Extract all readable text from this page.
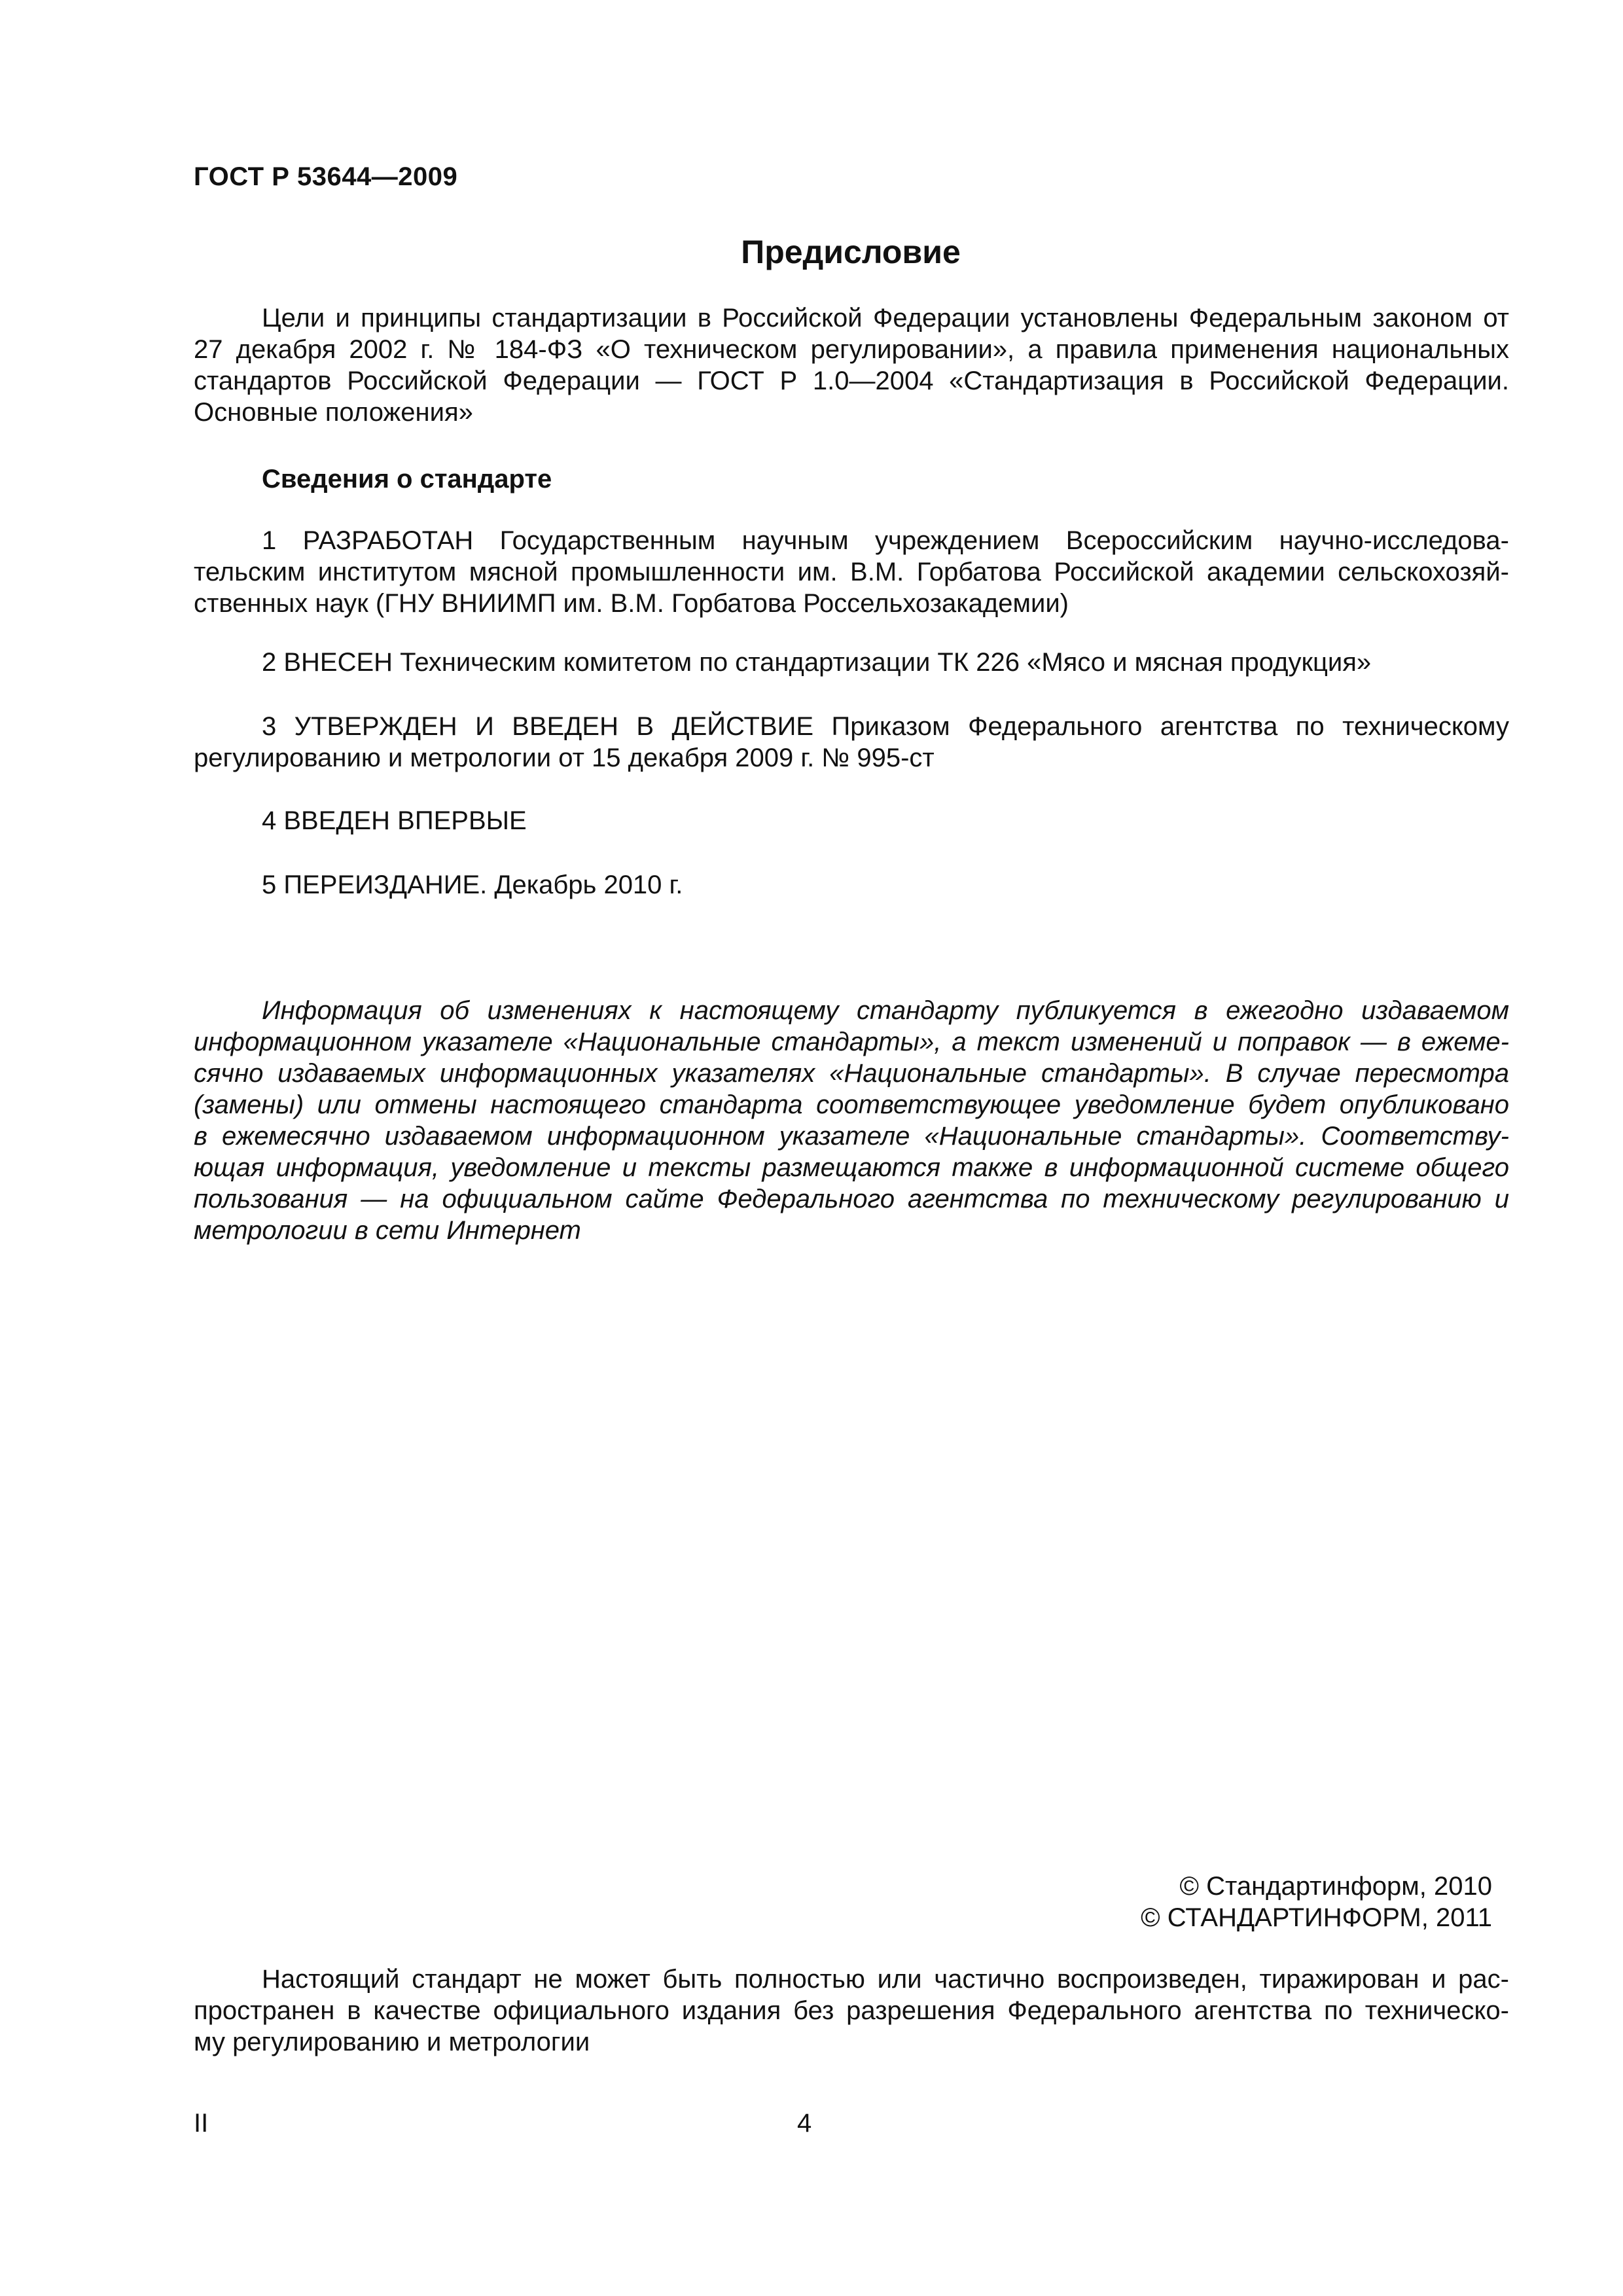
ГОСТ Р 53644—2009
Предисловие
Цели и принципы стандартизации в Российской Федерации установлены Федеральным законом от
27 декабря 2002 г. № 184-ФЗ «О техническом регулировании», а правила применения национальных
стандартов Российской Федерации — ГОСТ Р 1.0—2004 «Стандартизация в Российской Федерации.
Основные положения»
Сведения о стандарте
1 РАЗРАБОТАН Государственным научным учреждением Всероссийским научно-исследова-
тельским институтом мясной промышленности им. В.М. Горбатова Российской академии сельскохозяй-
ственных наук (ГНУ ВНИИМП им. В.М. Горбатова Россельхозакадемии)
2 ВНЕСЕН Техническим комитетом по стандартизации ТК 226 «Мясо и мясная продукция»
3 УТВЕРЖДЕН И ВВЕДЕН В ДЕЙСТВИЕ Приказом Федерального агентства по техническому
регулированию и метрологии от 15 декабря 2009 г. № 995-ст
4 ВВЕДЕН ВПЕРВЫЕ
5 ПЕРЕИЗДАНИЕ. Декабрь 2010 г.
Информация об изменениях к настоящему стандарту публикуется в ежегодно издаваемом
информационном указателе «Национальные стандарты», а текст изменений и поправок — в ежеме-
сячно издаваемых информационных указателях «Национальные стандарты». В случае пересмотра
(замены) или отмены настоящего стандарта соответствующее уведомление будет опубликовано
в ежемесячно издаваемом информационном указателе «Национальные стандарты». Соответству-
ющая информация, уведомление и тексты размещаются также в информационной системе общего
пользования — на официальном сайте Федерального агентства по техническому регулированию и
метрологии в сети Интернет
© Стандартинформ, 2010
© СТАНДАРТИНФОРМ, 2011
Настоящий стандарт не может быть полностью или частично воспроизведен, тиражирован и рас-
пространен в качестве официального издания без разрешения Федерального агентства по техническо-
му регулированию и метрологии
II	4
